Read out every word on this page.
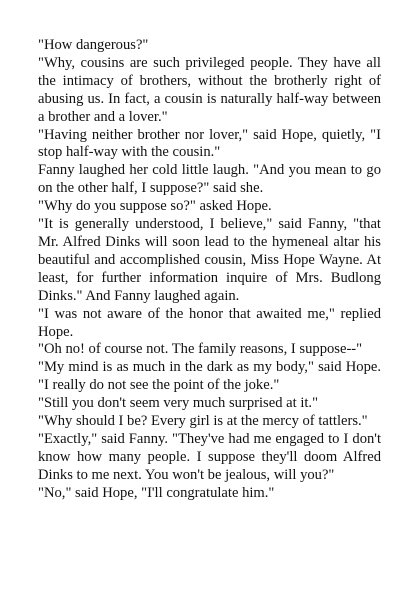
"How dangerous?"

"Why, cousins are such privileged people. They have all the intimacy of brothers, without the brotherly right of abusing us. In fact, a cousin is naturally half-way between a brother and a lover."

"Having neither brother nor lover," said Hope, quietly, "I stop half-way with the cousin."

Fanny laughed her cold little laugh. "And you mean to go on the other half, I suppose?" said she.

"Why do you suppose so?" asked Hope.

"It is generally understood, I believe," said Fanny, "that Mr. Alfred Dinks will soon lead to the hymeneal altar his beautiful and accomplished cousin, Miss Hope Wayne. At least, for further information inquire of Mrs. Budlong Dinks." And Fanny laughed again.

"I was not aware of the honor that awaited me," replied Hope.

"Oh no! of course not. The family reasons, I suppose--"

"My mind is as much in the dark as my body," said Hope. "I really do not see the point of the joke."

"Still you don't seem very much surprised at it."

"Why should I be? Every girl is at the mercy of tattlers."

"Exactly," said Fanny. "They've had me engaged to I don't know how many people. I suppose they'll doom Alfred Dinks to me next. You won't be jealous, will you?"

"No," said Hope, "I'll congratulate him."
